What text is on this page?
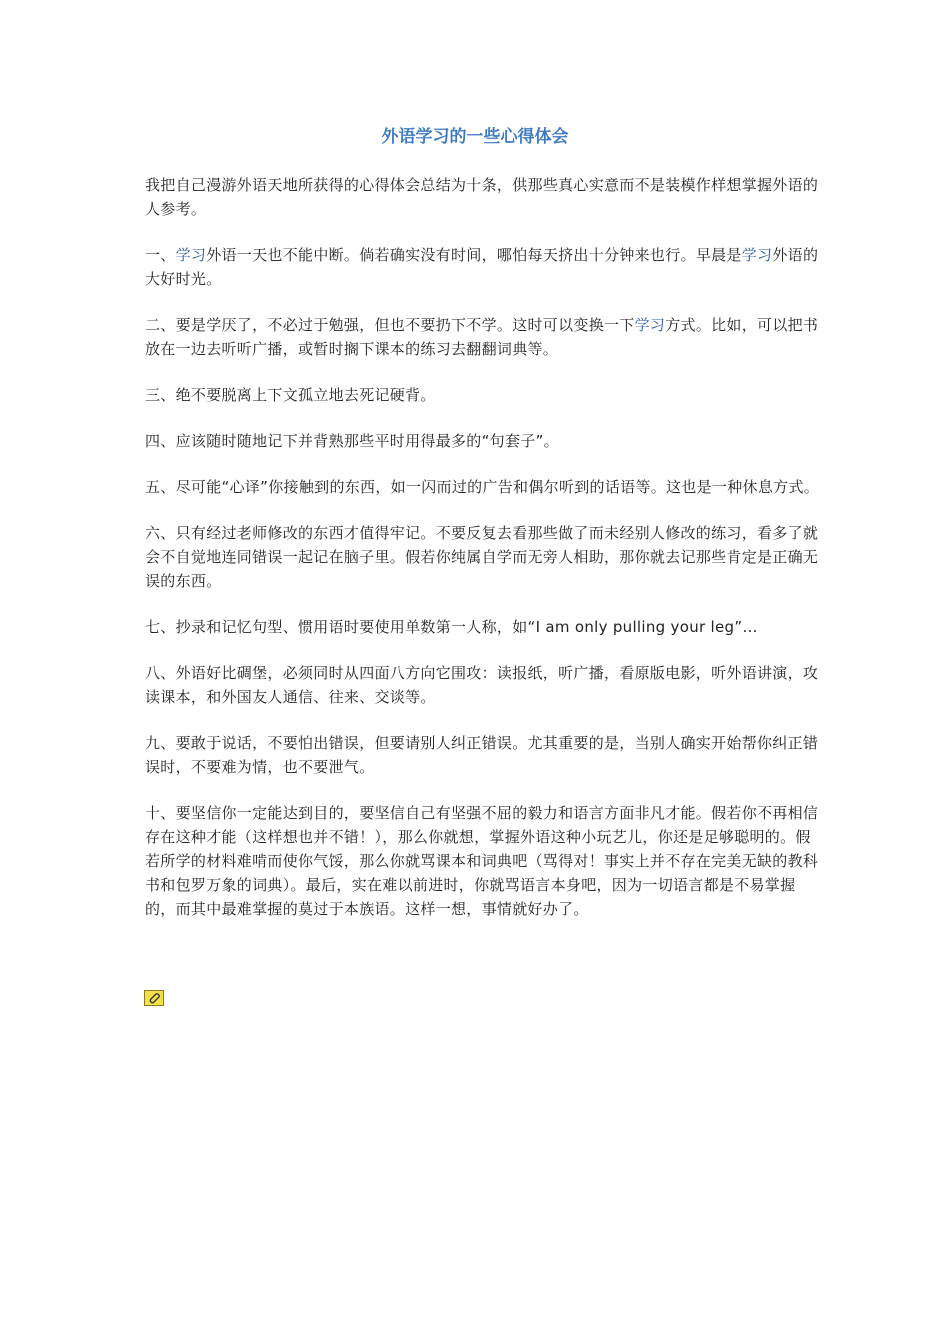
外语学习的一些心得体会

我把自己漫游外语天地所获得的心得体会总结为十条，供那些真心实意而不是装模作样想掌握外语的人参考。

一、学习外语一天也不能中断。倘若确实没有时间，哪怕每天挤出十分钟来也行。早晨是学习外语的大好时光。

二、要是学厌了，不必过于勉强，但也不要扔下不学。这时可以变换一下学习方式。比如，可以把书放在一边去听听广播，或暂时搁下课本的练习去翻翻词典等。

三、绝不要脱离上下文孤立地去死记硬背。

四、应该随时随地记下并背熟那些平时用得最多的“句套子”。

五、尽可能“心译”你接触到的东西，如一闪而过的广告和偶尔听到的话语等。这也是一种休息方式。

六、只有经过老师修改的东西才值得牢记。不要反复去看那些做了而未经别人修改的练习，看多了就会不自觉地连同错误一起记在脑子里。假若你纯属自学而无旁人相助，那你就去记那些肯定是正确无误的东西。

七、抄录和记忆句型、惯用语时要使用单数第一人称，如“I am only pulling your leg”…

八、外语好比碉堡，必须同时从四面八方向它围攻：读报纸，听广播，看原版电影，听外语讲演，攻读课本，和外国友人通信、往来、交谈等。

九、要敢于说话，不要怕出错误，但要请别人纠正错误。尤其重要的是，当别人确实开始帮你纠正错误时，不要难为情，也不要泄气。

十、要坚信你一定能达到目的，要坚信自己有坚强不屈的毅力和语言方面非凡才能。假若你不再相信存在这种才能（这样想也并不错！），那么你就想，掌握外语这种小玩艺儿，你还是足够聪明的。假若所学的材料难啃而使你气馁，那么你就骂课本和词典吧（骂得对！事实上并不存在完美无缺的教科书和包罗万象的词典）。最后，实在难以前进时，你就骂语言本身吧，因为一切语言都是不易掌握的，而其中最难掌握的莫过于本族语。这样一想，事情就好办了。
